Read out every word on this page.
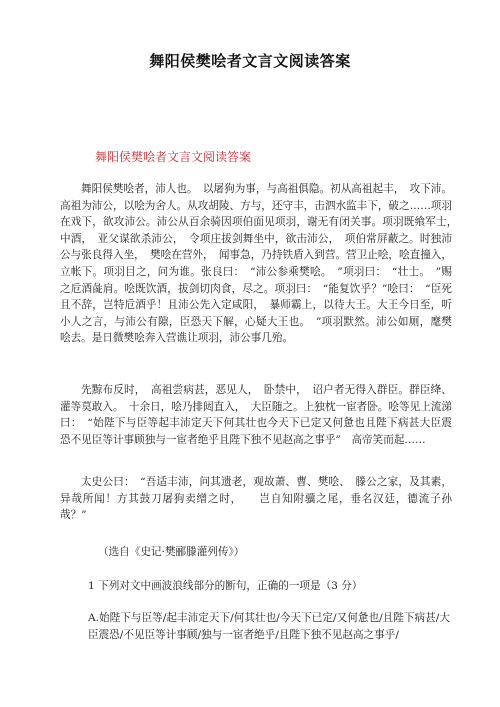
舞阳侯樊哙者文言文阅读答案
舞阳侯樊哙者文言文阅读答案

舞阳侯樊哙者，沛人也。　以屠狗为事，与高祖俱隐。初从高祖起丰，　攻下沛。高祖为沛公，以哙为舍人。从攻胡陵、方与，还守丰，击泗水监丰下，破之……项羽在戏下，欲攻沛公。沛公从百余骑因项伯面见项羽，谢无有闭关事。项羽既飨军士，　中酒，　亚父谋欲杀沛公，　令项庄拔剑舞坐中，欲击沛公，　项伯常屏蔽之。时独沛公与张良得入坐，　樊哙在营外，　闻事急，乃持铁盾入到营。营卫止哙，哙直撞入，立帐下。项羽目之，问为谁。张良曰：　“沛公参乘樊哙。　”项羽曰：　“壮士。　”赐之卮酒彘肩。哙既饮酒，拔剑切肉食，尽之。项羽曰：　“能复饮乎？”哙曰：　“臣死且不辞，岂特卮酒乎！且沛公先入定咸阳，　暴师霸上，以待大王。大王今日至，听小人之言，与沛公有隙，臣恐天下解，心疑大王也。　”项羽默然。沛公如厕，麾樊哙去。是日微樊哙奔入营谯让项羽，沛公事几殆。

先黥布反时，　高祖尝病甚，恶见人，　卧禁中，　诏户者无得入群臣。群臣绛、灌等莫敢入。　十余日，哙乃排闼直入，　大臣随之。上独枕一宦者卧。哙等见上流涕曰：　“始陛下与臣等起丰沛定天下何其壮也今天下已定又何惫也且陛下病甚大臣震恐不见臣等计事顾独与一宦者绝乎且陛下独不见赵高之事乎”　高帝笑而起……

太史公曰：　“吾适丰沛，问其遗老，观故萧、曹、樊哙、　滕公之家，及其素，异哉所闻！方其鼓刀屠狗卖缯之时，　　岂自知附骥之尾，垂名汉廷，德流子孙哉？”

（选自《史记·樊郦滕灌列传》）
1 下列对文中画波浪线部分的断句，正确的一项是（3 分）

A.始陛下与臣等/起丰沛定天下/何其壮也/今天下已定/又何惫也/且陛下病甚/大臣震恐/不见臣等计事顾/独与一宦者绝乎/且陛下独不见赵高之事乎/
